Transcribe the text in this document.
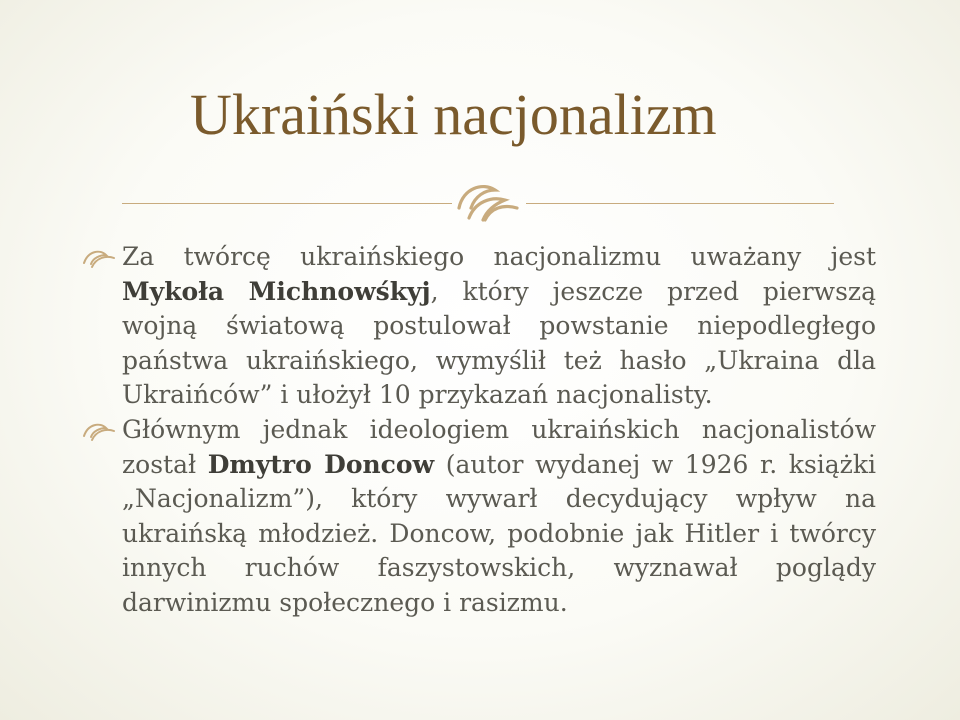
Ukraiński nacjonalizm

Za twórcę ukraińskiego nacjonalizmu uważany jest Mykoła Michnowśkyj, który jeszcze przed pierwszą wojną światową postulował powstanie niepodległego państwa ukraińskiego, wymyślił też hasło „Ukraina dla Ukraińców” i ułożył 10 przykazań nacjonalisty.

Głównym jednak ideologiem ukraińskich nacjonalistów został Dmytro Doncow (autor wydanej w 1926 r. książki „Nacjonalizm”), który wywarł decydujący wpływ na ukraińską młodzież. Doncow, podobnie jak Hitler i twórcy innych ruchów faszystowskich, wyznawał poglądy darwinizmu społecznego i rasizmu.
